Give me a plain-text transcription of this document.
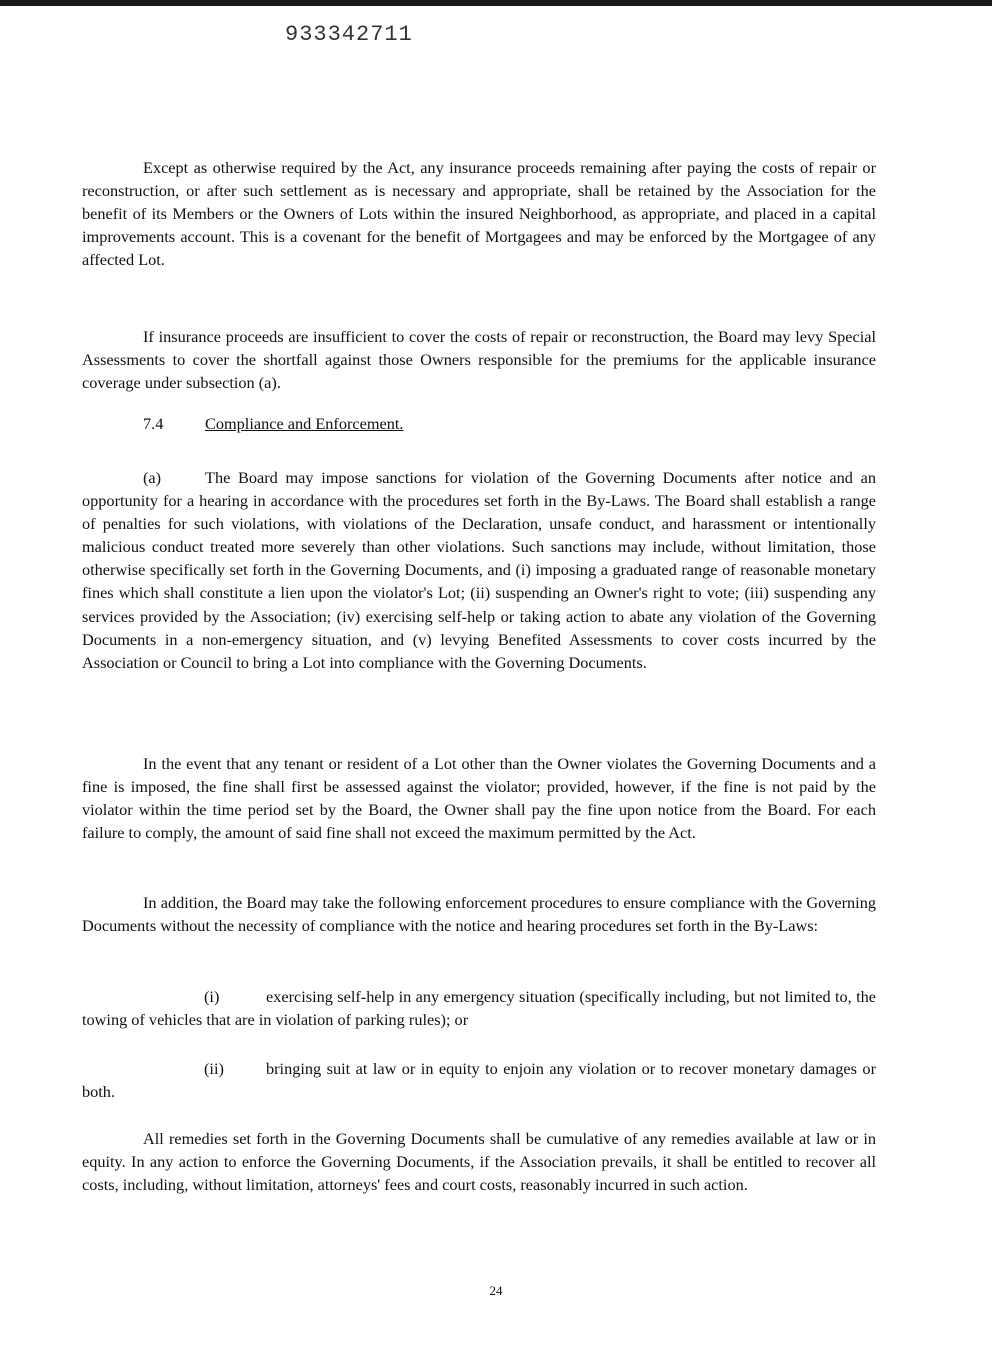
933342711

Except as otherwise required by the Act, any insurance proceeds remaining after paying the costs of repair or reconstruction, or after such settlement as is necessary and appropriate, shall be retained by the Association for the benefit of its Members or the Owners of Lots within the insured Neighborhood, as appropriate, and placed in a capital improvements account. This is a covenant for the benefit of Mortgagees and may be enforced by the Mortgagee of any affected Lot.

If insurance proceeds are insufficient to cover the costs of repair or reconstruction, the Board may levy Special Assessments to cover the shortfall against those Owners responsible for the premiums for the applicable insurance coverage under subsection (a).

7.4	Compliance and Enforcement.

(a)	The Board may impose sanctions for violation of the Governing Documents after notice and an opportunity for a hearing in accordance with the procedures set forth in the By-Laws. The Board shall establish a range of penalties for such violations, with violations of the Declaration, unsafe conduct, and harassment or intentionally malicious conduct treated more severely than other violations. Such sanctions may include, without limitation, those otherwise specifically set forth in the Governing Documents, and (i) imposing a graduated range of reasonable monetary fines which shall constitute a lien upon the violator's Lot; (ii) suspending an Owner's right to vote; (iii) suspending any services provided by the Association; (iv) exercising self-help or taking action to abate any violation of the Governing Documents in a non-emergency situation, and (v) levying Benefited Assessments to cover costs incurred by the Association or Council to bring a Lot into compliance with the Governing Documents.

In the event that any tenant or resident of a Lot other than the Owner violates the Governing Documents and a fine is imposed, the fine shall first be assessed against the violator; provided, however, if the fine is not paid by the violator within the time period set by the Board, the Owner shall pay the fine upon notice from the Board. For each failure to comply, the amount of said fine shall not exceed the maximum permitted by the Act.

In addition, the Board may take the following enforcement procedures to ensure compliance with the Governing Documents without the necessity of compliance with the notice and hearing procedures set forth in the By-Laws:

(i)	exercising self-help in any emergency situation (specifically including, but not limited to, the towing of vehicles that are in violation of parking rules); or

(ii)	bringing suit at law or in equity to enjoin any violation or to recover monetary damages or both.

All remedies set forth in the Governing Documents shall be cumulative of any remedies available at law or in equity. In any action to enforce the Governing Documents, if the Association prevails, it shall be entitled to recover all costs, including, without limitation, attorneys' fees and court costs, reasonably incurred in such action.

24
